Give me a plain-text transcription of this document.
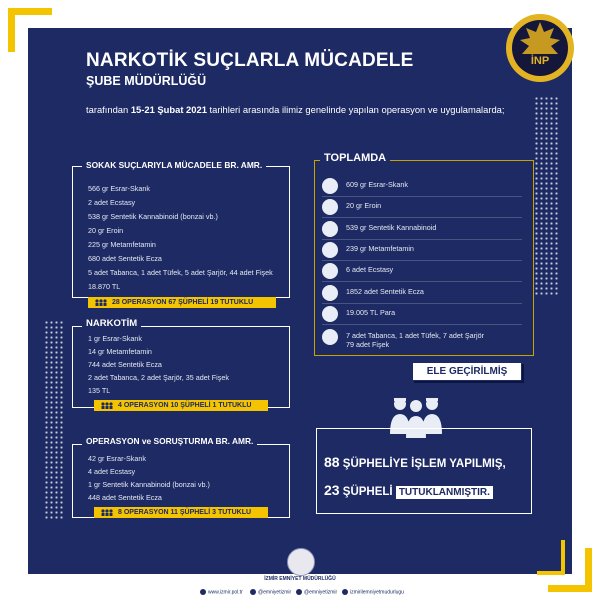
İNP
NARKOTİK SUÇLARLA MÜCADELE
ŞUBE MÜDÜRLÜĞÜ
tarafından 15-21 Şubat 2021 tarihleri arasında ilimiz genelinde yapılan operasyon ve uygulamalarda;
SOKAK SUÇLARIYLA MÜCADELE BR. AMR.
566 gr Esrar-Skank
2 adet Ecstasy
538 gr Sentetik Kannabinoid (bonzai vb.)
20 gr Eroin
225 gr Metamfetamin
680 adet Sentetik Ecza
5 adet Tabanca, 1 adet Tüfek, 5 adet Şarjör, 44 adet Fişek
18.870 TL
28 OPERASYON 67 ŞÜPHELİ 19 TUTUKLU
NARKOTİM
1 gr Esrar-Skank
14 gr Metamfetamin
744 adet Sentetik Ecza
2 adet Tabanca, 2 adet Şarjör, 35 adet Fişek
135 TL
4 OPERASYON 10 ŞÜPHELİ 1 TUTUKLU
OPERASYON ve SORUŞTURMA BR. AMR.
42 gr Esrar-Skank
4 adet Ecstasy
1 gr Sentetik Kannabinoid (bonzai vb.)
448 adet Sentetik Ecza
8 OPERASYON 11 ŞÜPHELİ 3 TUTUKLU
TOPLAMDA
609 gr Esrar-Skank
20 gr Eroin
539 gr Sentetik Kannabinoid
239 gr Metamfetamin
6 adet Ecstasy
1852 adet Sentetik Ecza
19.005 TL Para
7 adet Tabanca, 1 adet Tüfek, 7 adet Şarjör
79 adet Fişek
ELE GEÇİRİLMİŞ
88 ŞÜPHELİYE İŞLEM YAPILMIŞ,
23 ŞÜPHELİ TUTUKLANMIŞTIR.
İZMİR EMNİYET MÜDÜRLÜĞÜ
www.izmir.pol.tr	@emniyetizmir	@emniyetizmir	izmirilemniyetmudurlugu
